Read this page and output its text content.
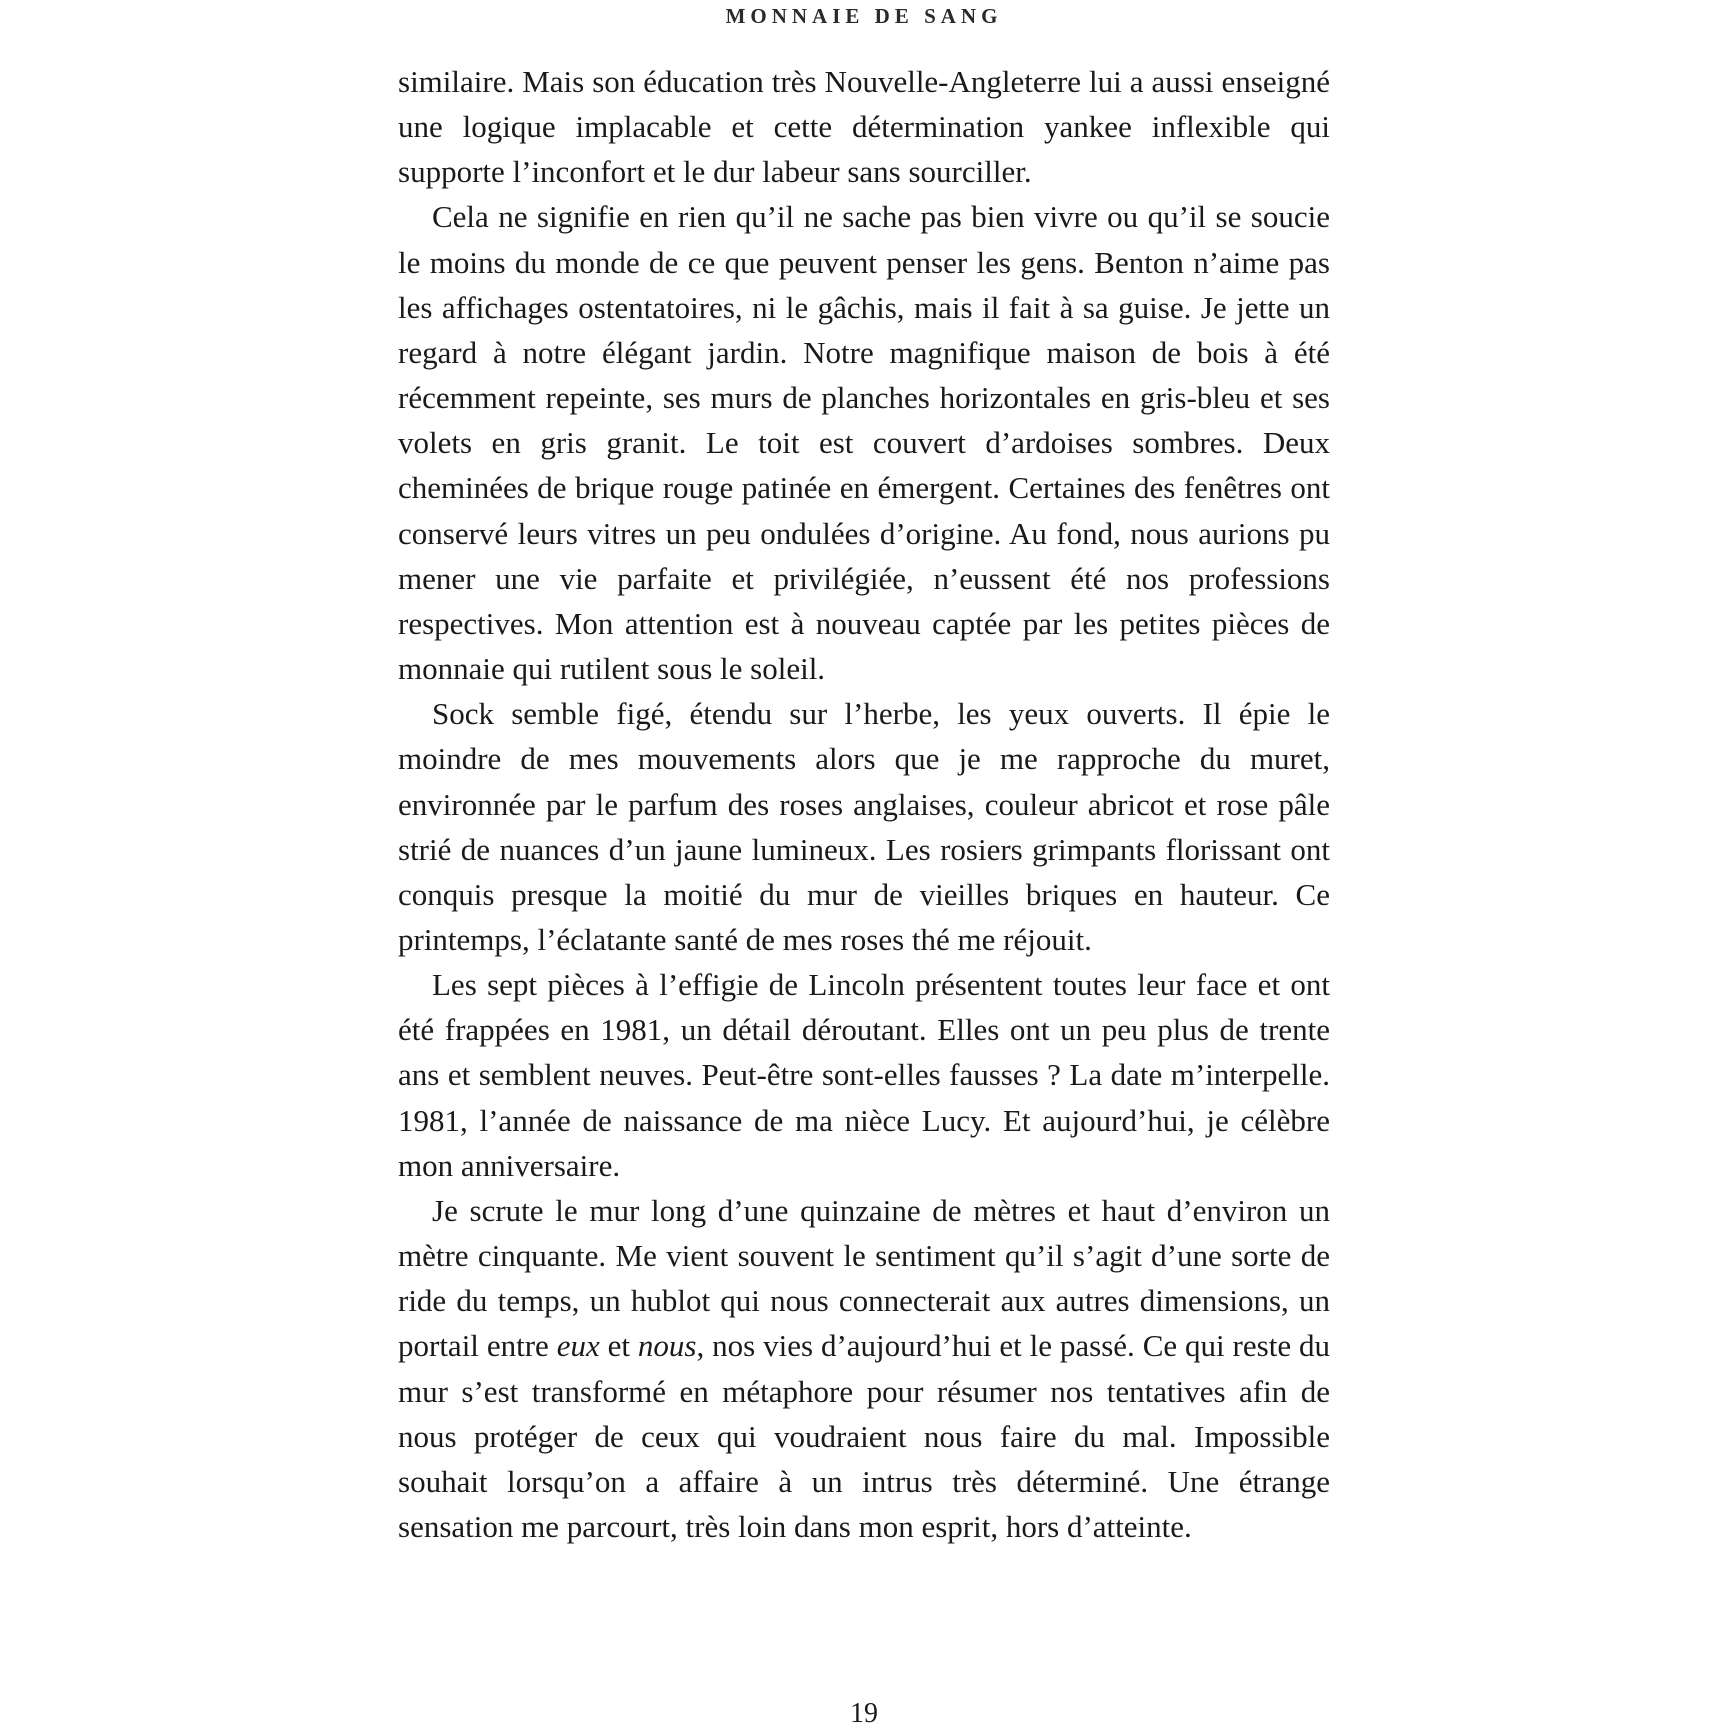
MONNAIE DE SANG

similaire. Mais son éducation très Nouvelle-Angleterre lui a aussi enseigné une logique implacable et cette détermination yankee inflexible qui supporte l’inconfort et le dur labeur sans sourciller.

Cela ne signifie en rien qu’il ne sache pas bien vivre ou qu’il se soucie le moins du monde de ce que peuvent penser les gens. Benton n’aime pas les affichages ostentatoires, ni le gâchis, mais il fait à sa guise. Je jette un regard à notre élégant jardin. Notre magnifique maison de bois à été récemment repeinte, ses murs de planches horizontales en gris-bleu et ses volets en gris granit. Le toit est couvert d’ardoises sombres. Deux cheminées de brique rouge patinée en émergent. Certaines des fenêtres ont conservé leurs vitres un peu ondulées d’origine. Au fond, nous aurions pu mener une vie parfaite et privilégiée, n’eussent été nos professions respectives. Mon attention est à nouveau captée par les petites pièces de monnaie qui rutilent sous le soleil.

Sock semble figé, étendu sur l’herbe, les yeux ouverts. Il épie le moindre de mes mouvements alors que je me rapproche du muret, environnée par le parfum des roses anglaises, couleur abricot et rose pâle strié de nuances d’un jaune lumineux. Les rosiers grimpants florissant ont conquis presque la moitié du mur de vieilles briques en hauteur. Ce printemps, l’éclatante santé de mes roses thé me réjouit.

Les sept pièces à l’effigie de Lincoln présentent toutes leur face et ont été frappées en 1981, un détail déroutant. Elles ont un peu plus de trente ans et semblent neuves. Peut-être sont-elles fausses ? La date m’interpelle. 1981, l’année de naissance de ma nièce Lucy. Et aujourd’hui, je célèbre mon anniversaire.

Je scrute le mur long d’une quinzaine de mètres et haut d’environ un mètre cinquante. Me vient souvent le sentiment qu’il s’agit d’une sorte de ride du temps, un hublot qui nous connecterait aux autres dimensions, un portail entre eux et nous, nos vies d’aujourd’hui et le passé. Ce qui reste du mur s’est transformé en métaphore pour résumer nos tentatives afin de nous protéger de ceux qui voudraient nous faire du mal. Impossible souhait lorsqu’on a affaire à un intrus très déterminé. Une étrange sensation me parcourt, très loin dans mon esprit, hors d’atteinte.

19
